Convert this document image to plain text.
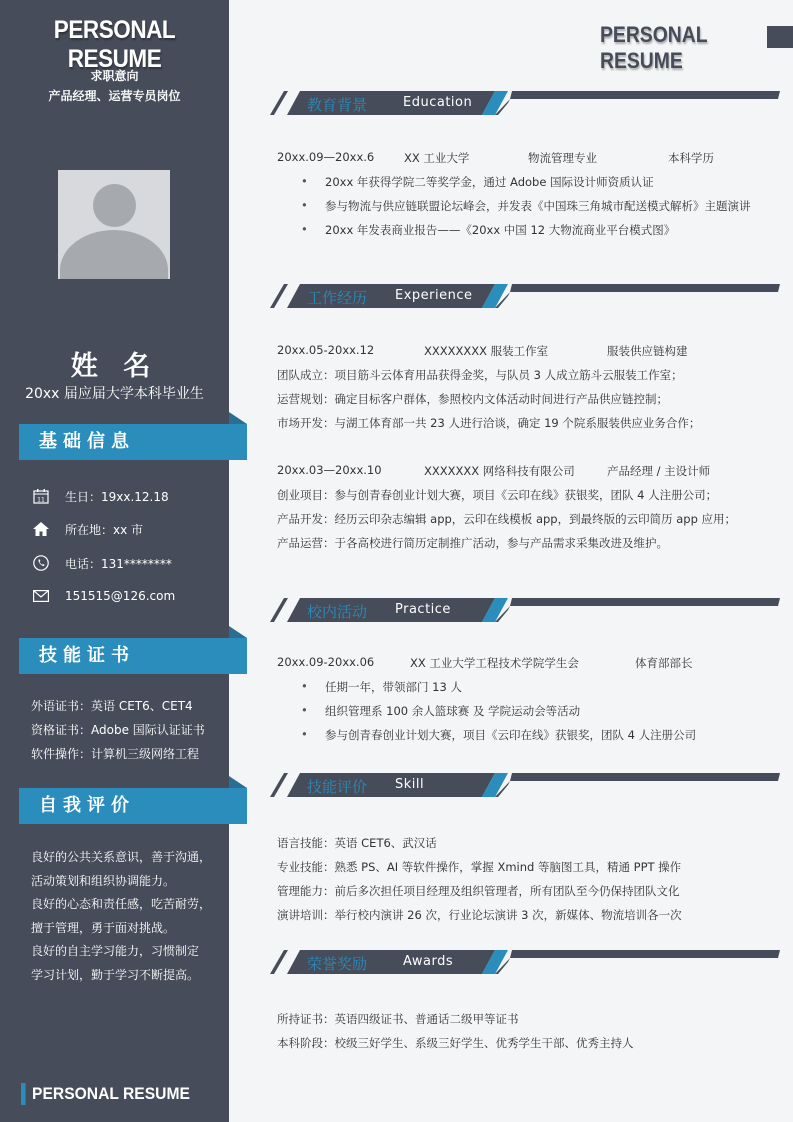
PERSONAL RESUME
求职意向
产品经理、运营专员岗位
姓 名
20xx 届应届大学本科毕业生
基础信息
11 生日：19xx.12.18
所在地：xx 市
电话：131********
151515@126.com
技能证书
外语证书：英语 CET6、CET4
资格证书：Adobe 国际认证证书
软件操作：计算机三级网络工程
自我评价
良好的公共关系意识，善于沟通，
活动策划和组织协调能力。
良好的心态和责任感，吃苦耐劳，
擅于管理，勇于面对挑战。
良好的自主学习能力，习惯制定
学习计划，勤于学习不断提高。
PERSONAL RESUME
PERSONAL RESUME
教育背景	Education
20xx.09—20xx.6	XX 工业大学	物流管理专业	本科学历
• 20xx 年获得学院二等奖学金，通过 Adobe 国际设计师资质认证
• 参与物流与供应链联盟论坛峰会，并发表《中国珠三角城市配送模式解析》主题演讲
• 20xx 年发表商业报告——《20xx 中国 12 大物流商业平台模式图》
工作经历 Experience
20xx.05-20xx.12	XXXXXXXX 服装工作室	服装供应链构建
团队成立：项目筋斗云体育用品获得金奖，与队员 3 人成立筋斗云服装工作室；
运营规划：确定目标客户群体，参照校内文体活动时间进行产品供应链控制；
市场开发：与湖工体育部一共 23 人进行洽谈，确定 19 个院系服装供应业务合作；
20xx.03—20xx.10	XXXXXXX 网络科技有限公司	产品经理 / 主设计师
创业项目：参与创青春创业计划大赛，项目《云印在线》获银奖，团队 4 人注册公司；
产品开发：经历云印杂志编辑 app，云印在线模板 app，到最终版的云印简历 app 应用；
产品运营：于各高校进行简历定制推广活动，参与产品需求采集改进及维护。
校内活动 Practice
20xx.09-20xx.06	XX 工业大学工程技术学院学生会	体育部部长
• 任期一年，带领部门 13 人
• 组织管理系 100 余人篮球赛 及 学院运动会等活动
• 参与创青春创业计划大赛，项目《云印在线》获银奖，团队 4 人注册公司
技能评价 Skill
语言技能：英语 CET6、武汉话
专业技能：熟悉 PS、AI 等软件操作，掌握 Xmind 等脑图工具，精通 PPT 操作
管理能力：前后多次担任项目经理及组织管理者，所有团队至今仍保持团队文化
演讲培训：举行校内演讲 26 次，行业论坛演讲 3 次，新媒体、物流培训各一次
荣誉奖励	Awards
所持证书：英语四级证书、普通话二级甲等证书
本科阶段：校级三好学生、系级三好学生、优秀学生干部、优秀主持人
